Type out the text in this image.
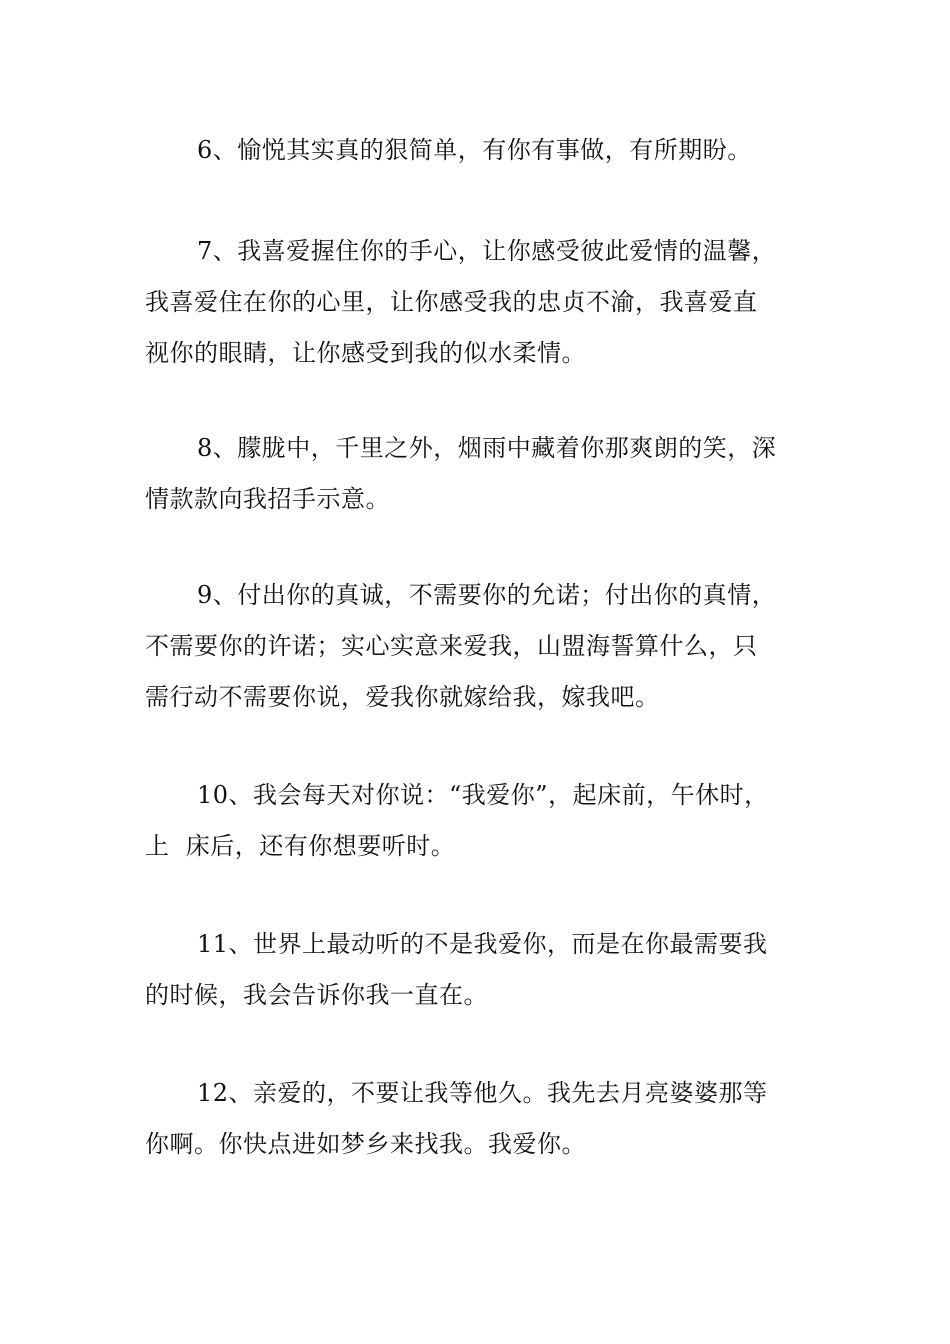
6、愉悦其实真的狠简单，有你有事做，有所期盼。

7、我喜爱握住你的手心，让你感受彼此爱情的温馨，
我喜爱住在你的心里，让你感受我的忠贞不渝，我喜爱直
视你的眼睛，让你感受到我的似水柔情。

8、朦胧中，千里之外，烟雨中藏着你那爽朗的笑，深
情款款向我招手示意。

9、付出你的真诚，不需要你的允诺；付出你的真情，
不需要你的许诺；实心实意来爱我，山盟海誓算什么，只
需行动不需要你说，爱我你就嫁给我，嫁我吧。

10、我会每天对你说：“我爱你”，起床前，午休时，
上  床后，还有你想要听时。

11、世界上最动听的不是我爱你，而是在你最需要我
的时候，我会告诉你我一直在。

12、亲爱的，不要让我等他久。我先去月亮婆婆那等
你啊。你快点进如梦乡来找我。我爱你。
